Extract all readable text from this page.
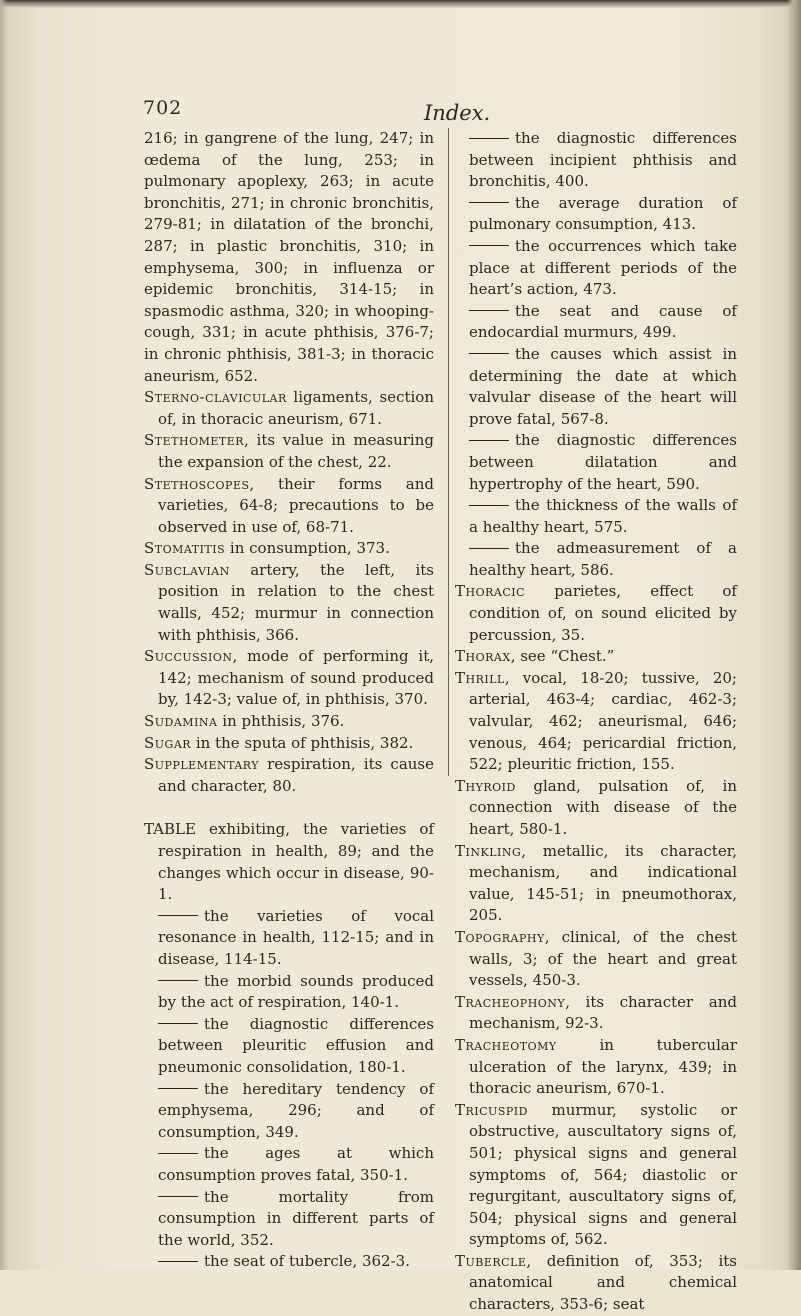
702	Index.

216; in gangrene of the lung, 247; in œdema of the lung, 253; in pulmonary apoplexy, 263; in acute bronchitis, 271; in chronic bronchitis, 279-81; in dilatation of the bronchi, 287; in plastic bronchitis, 310; in emphysema, 300; in influenza or epidemic bronchitis, 314-15; in spasmodic asthma, 320; in whooping-cough, 331; in acute phthisis, 376-7; in chronic phthisis, 381-3; in thoracic aneurism, 652.

Sterno-clavicular ligaments, section of, in thoracic aneurism, 671.

Stethometer, its value in measuring the expansion of the chest, 22.

Stethoscopes, their forms and varieties, 64-8; precautions to be observed in use of, 68-71.

Stomatitis in consumption, 373.

Subclavian artery, the left, its position in relation to the chest walls, 452; murmur in connection with phthisis, 366.

Succussion, mode of performing it, 142; mechanism of sound produced by, 142-3; value of, in phthisis, 370.

Sudamina in phthisis, 376.

Sugar in the sputa of phthisis, 382.

Supplementary respiration, its cause and character, 80.

TABLE exhibiting, the varieties of respiration in health, 89; and the changes which occur in disease, 90-1.

the varieties of vocal resonance in health, 112-15; and in disease, 114-15.

the morbid sounds produced by the act of respiration, 140-1.

the diagnostic differences between pleuritic effusion and pneumonic consolidation, 180-1.

the hereditary tendency of emphysema, 296; and of consumption, 349.

the ages at which consumption proves fatal, 350-1.

the mortality from consumption in different parts of the world, 352.

the seat of tubercle, 362-3.

the diagnostic differences between incipient phthisis and bronchitis, 400.

the average duration of pulmonary consumption, 413.

the occurrences which take place at different periods of the heart’s action, 473.

the seat and cause of endocardial murmurs, 499.

the causes which assist in determining the date at which valvular disease of the heart will prove fatal, 567-8.

the diagnostic differences between dilatation and hypertrophy of the heart, 590.

the thickness of the walls of a healthy heart, 575.

the admeasurement of a healthy heart, 586.

Thoracic parietes, effect of condition of, on sound elicited by percussion, 35.

Thorax, see “Chest.”

Thrill, vocal, 18-20; tussive, 20; arterial, 463-4; cardiac, 462-3; valvular, 462; aneurismal, 646; venous, 464; pericardial friction, 522; pleuritic friction, 155.

Thyroid gland, pulsation of, in connection with disease of the heart, 580-1.

Tinkling, metallic, its character, mechanism, and indicational value, 145-51; in pneumothorax, 205.

Topography, clinical, of the chest walls, 3; of the heart and great vessels, 450-3.

Tracheophony, its character and mechanism, 92-3.

Tracheotomy in tubercular ulceration of the larynx, 439; in thoracic aneurism, 670-1.

Tricuspid murmur, systolic or obstructive, auscultatory signs of, 501; physical signs and general symptoms of, 564; diastolic or regurgitant, auscultatory signs of, 504; physical signs and general symptoms of, 562.

Tubercle, definition of, 353; its anatomical and chemical characters, 353-6; seat
